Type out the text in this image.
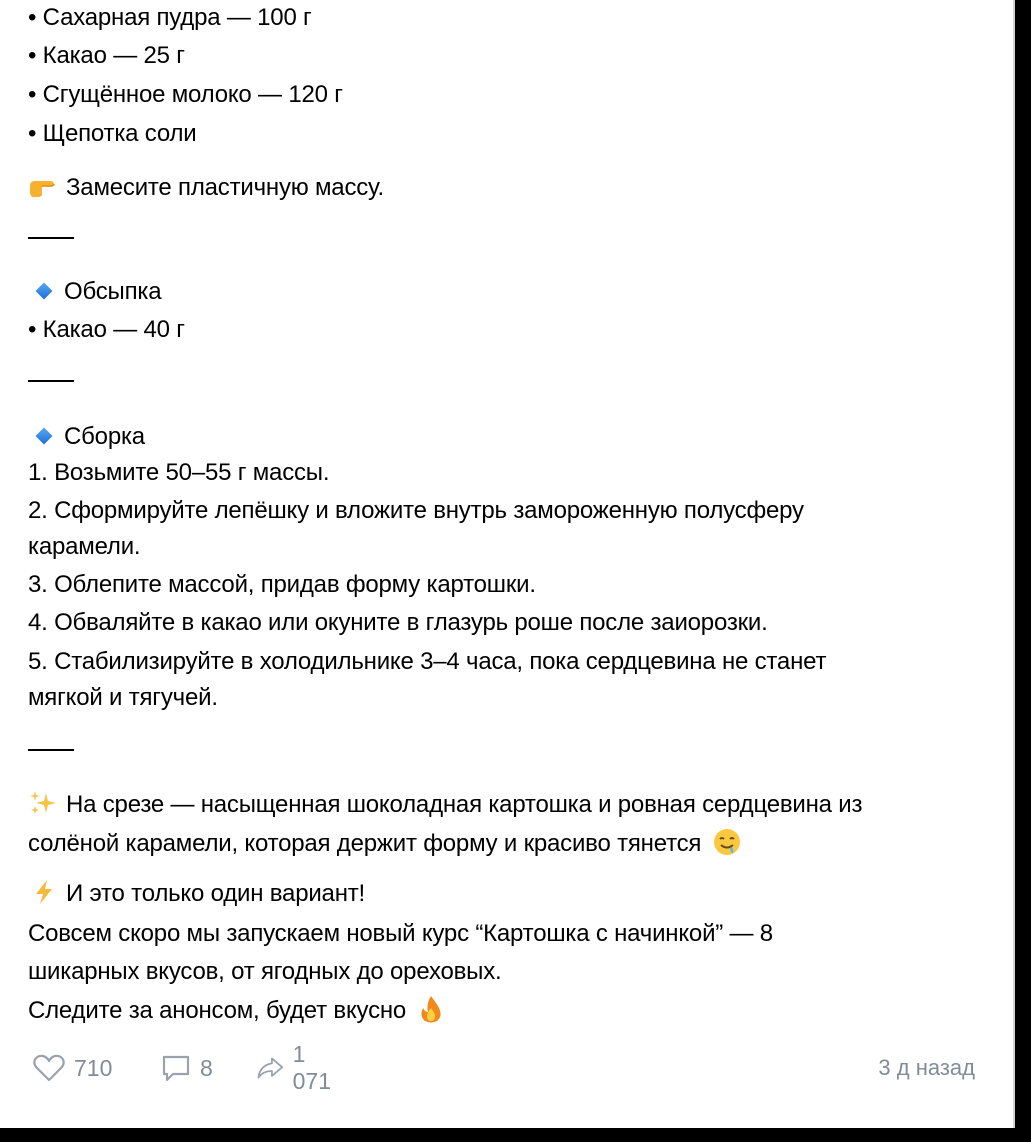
• Сахарная пудра — 100 г
• Какао — 25 г
• Сгущённое молоко — 120 г
• Щепотка соли
Замесите пластичную массу.
Обсыпка
• Какао — 40 г
Сборка
1. Возьмите 50–55 г массы.
2. Сформируйте лепёшку и вложите внутрь замороженную полусферу
карамели.
3. Облепите массой, придав форму картошки.
4. Обваляйте в какао или окуните в глазурь роше после заиорозки.
5. Стабилизируйте в холодильнике 3–4 часа, пока сердцевина не станет
мягкой и тягучей.
На срезе — насыщенная шоколадная картошка и ровная сердцевина из
солёной карамели, которая держит форму и красиво тянется
И это только один вариант!
Совсем скоро мы запускаем новый курс “Картошка с начинкой” — 8
шикарных вкусов, от ягодных до ореховых.
Следите за анонсом, будет вкусно
710	8
1 071
3 д назад
